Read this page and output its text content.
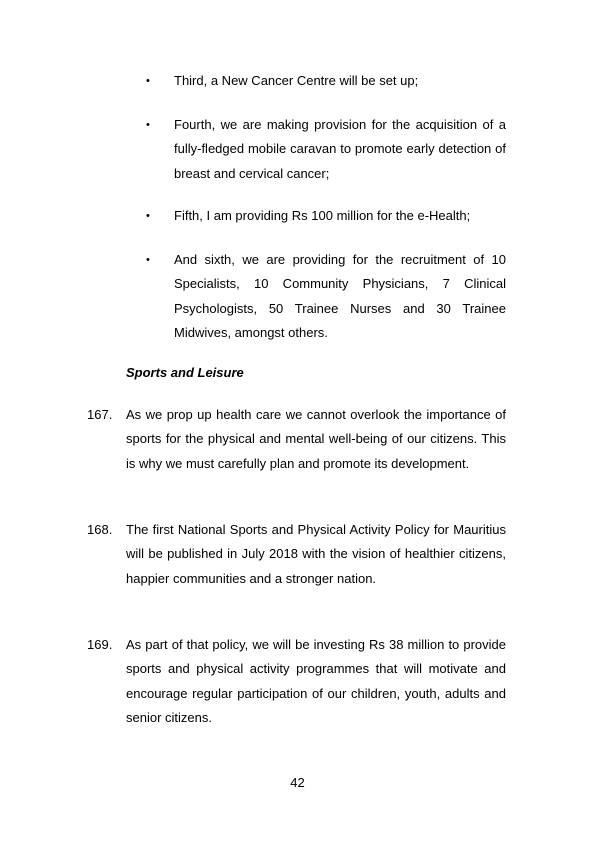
•	Third, a New Cancer Centre will be set up;
•	Fourth, we are making provision for the acquisition of a fully-fledged mobile caravan to promote early detection of breast and cervical cancer;
•	Fifth, I am providing Rs 100 million for the e-Health;
•	And sixth, we are providing for the recruitment of 10 Specialists, 10 Community Physicians, 7 Clinical Psychologists, 50 Trainee Nurses and 30 Trainee Midwives, amongst others.
Sports and Leisure
167. As we prop up health care we cannot overlook the importance of sports for the physical and mental well-being of our citizens. This is why we must carefully plan and promote its development.
168. The first National Sports and Physical Activity Policy for Mauritius will be published in July 2018 with the vision of healthier citizens, happier communities and a stronger nation.
169. As part of that policy, we will be investing Rs 38 million to provide sports and physical activity programmes that will motivate and encourage regular participation of our children, youth, adults and senior citizens.
42
